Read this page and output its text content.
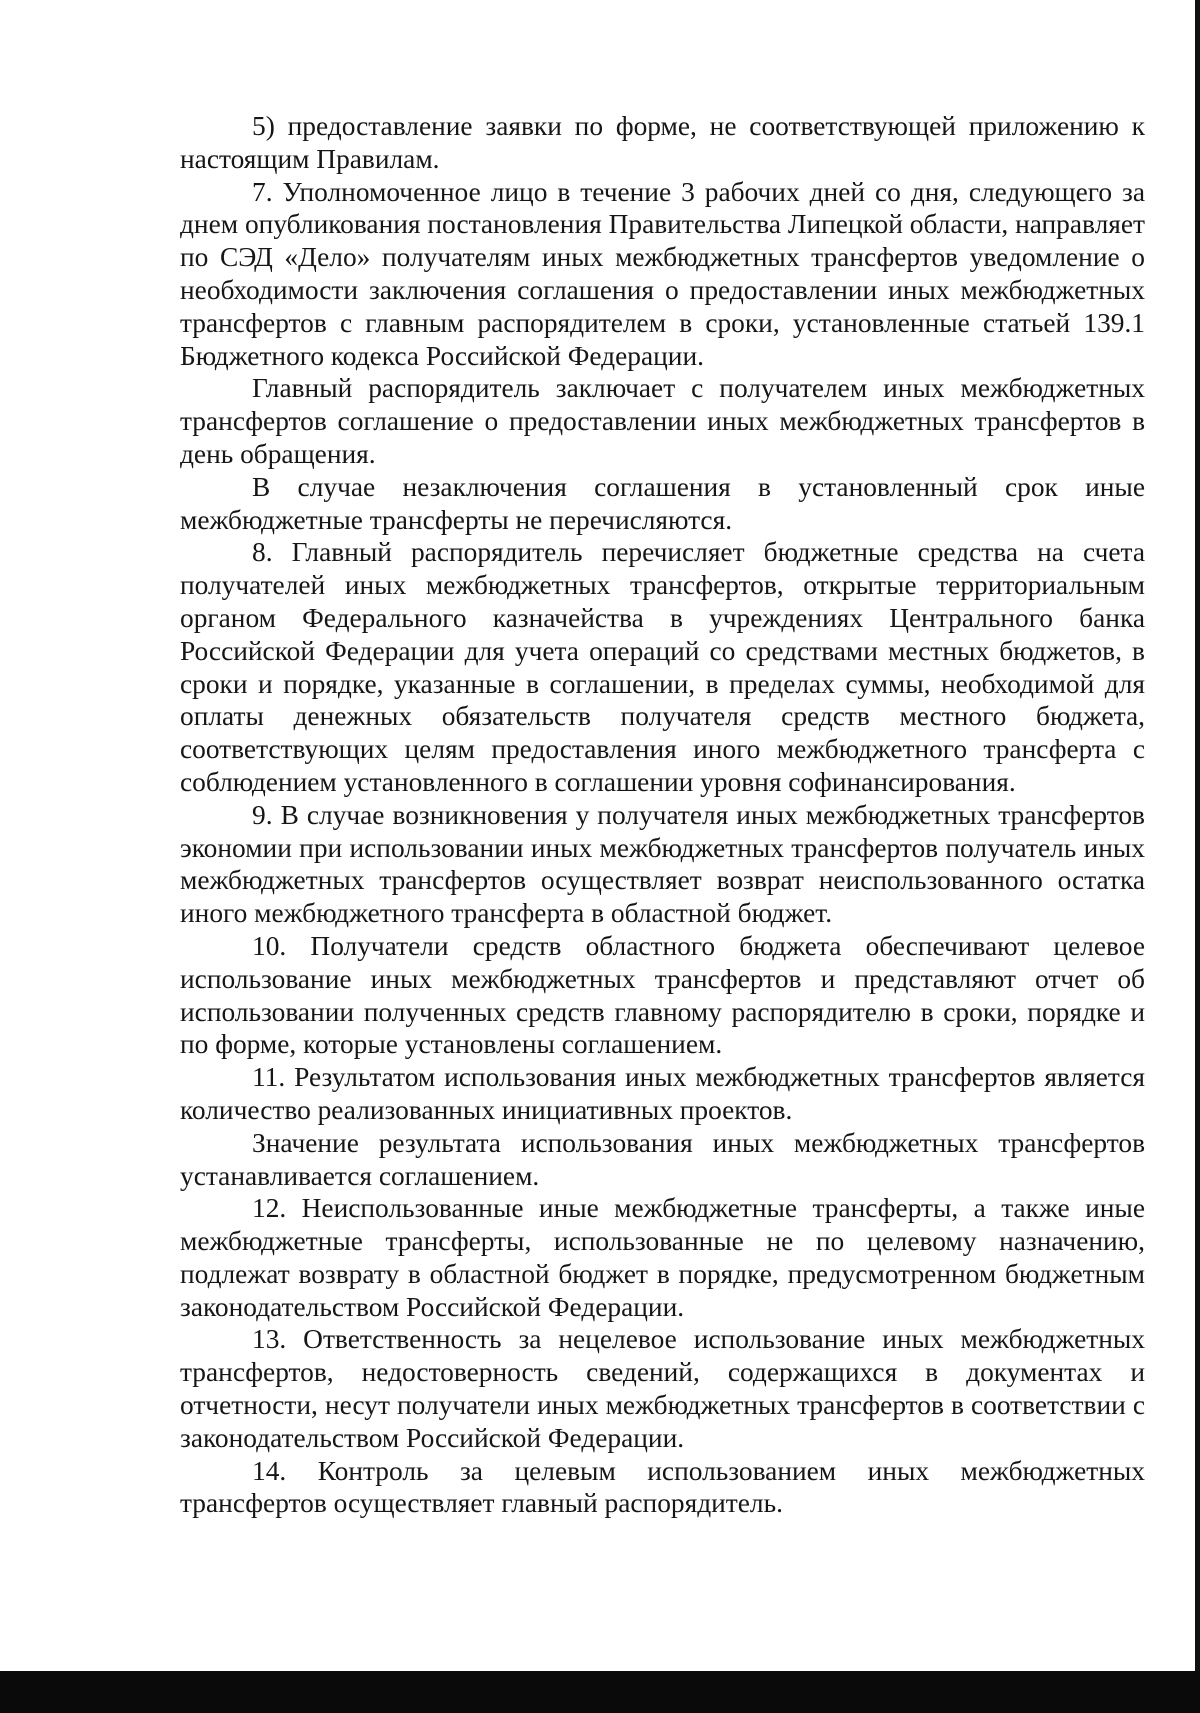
5) предоставление заявки по форме, не соответствующей приложению к настоящим Правилам.

7. Уполномоченное лицо в течение 3 рабочих дней со дня, следующего за днем опубликования постановления Правительства Липецкой области, направляет по СЭД «Дело» получателям иных межбюджетных трансфертов уведомление о необходимости заключения соглашения о предоставлении иных межбюджетных трансфертов с главным распорядителем в сроки, установленные статьей 139.1 Бюджетного кодекса Российской Федерации.

Главный распорядитель заключает с получателем иных межбюджетных трансфертов соглашение о предоставлении иных межбюджетных трансфертов в день обращения.

В случае незаключения соглашения в установленный срок иные межбюджетные трансферты не перечисляются.

8. Главный распорядитель перечисляет бюджетные средства на счета получателей иных межбюджетных трансфертов, открытые территориальным органом Федерального казначейства в учреждениях Центрального банка Российской Федерации для учета операций со средствами местных бюджетов, в сроки и порядке, указанные в соглашении, в пределах суммы, необходимой для оплаты денежных обязательств получателя средств местного бюджета, соответствующих целям предоставления иного межбюджетного трансферта с соблюдением установленного в соглашении уровня софинансирования.

9. В случае возникновения у получателя иных межбюджетных трансфертов экономии при использовании иных межбюджетных трансфертов получатель иных межбюджетных трансфертов осуществляет возврат неиспользованного остатка иного межбюджетного трансферта в областной бюджет.

10. Получатели средств областного бюджета обеспечивают целевое использование иных межбюджетных трансфертов и представляют отчет об использовании полученных средств главному распорядителю в сроки, порядке и по форме, которые установлены соглашением.

11. Результатом использования иных межбюджетных трансфертов является количество реализованных инициативных проектов.

Значение результата использования иных межбюджетных трансфертов устанавливается соглашением.

12. Неиспользованные иные межбюджетные трансферты, а также иные межбюджетные трансферты, использованные не по целевому назначению, подлежат возврату в областной бюджет в порядке, предусмотренном бюджетным законодательством Российской Федерации.

13. Ответственность за нецелевое использование иных межбюджетных трансфертов, недостоверность сведений, содержащихся в документах и отчетности, несут получатели иных межбюджетных трансфертов в соответствии с законодательством Российской Федерации.

14. Контроль за целевым использованием иных межбюджетных трансфертов осуществляет главный распорядитель.
